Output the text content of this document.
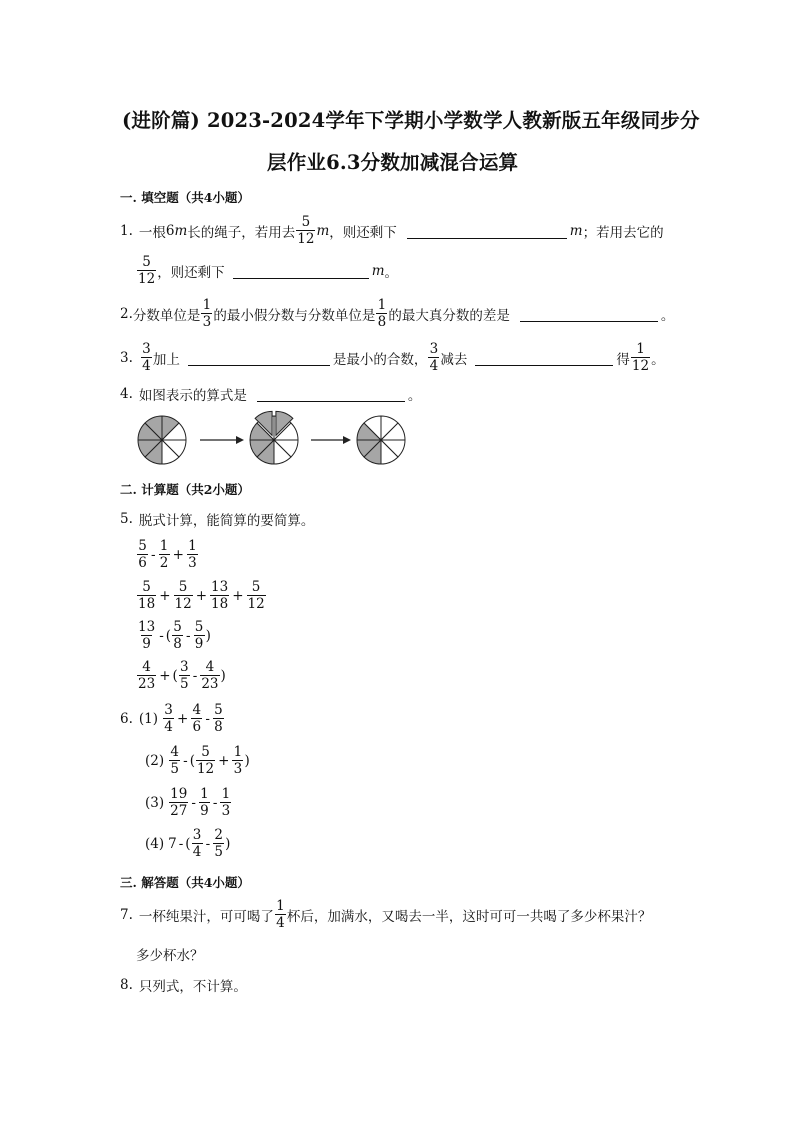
(进阶篇) 2023-2024学年下学期小学数学人教新版五年级同步分
层作业6.3分数加减混合运算
一. 填空题（共4小题）
1. 一根 6 m 长的绳子，若用去 $\frac{5}{12}$ m ，则还剩下	m ；若用去它的
$\frac{5}{12}$ ，则还剩下	m 。
2. 分数单位是 $\frac{1}{3}$ 的最小假分数与分数单位是 $\frac{1}{8}$ 的最大真分数的差是	。
3. $\frac{3}{4}$ 加上	是最小的合数， $\frac{3}{4}$ 减去	得 $\frac{1}{12}$ 。
4. 如图表示的算式是	。
二. 计算题（共2小题）
5. 脱式计算，能简算的要简算。
$\frac{5}{6} - \frac{1}{2} + \frac{1}{3}$
$\frac{5}{18} + \frac{5}{12} + \frac{13}{18} + \frac{5}{12}$
$\frac{13}{9}$ - ( $\frac{5}{8} - \frac{5}{9}$ )
$\frac{4}{23}$ + ( $\frac{3}{5} - \frac{4}{23}$ )
6. $(1) \frac{3}{4} + \frac{4}{6} - \frac{5}{8}$
$(2) \frac{4}{5}$ - ( $\frac{5}{12} + \frac{1}{3}$ )
$(3) \frac{19}{27} - \frac{1}{9} - \frac{1}{3}$
(4) 7 - ( $\frac{3}{4} - \frac{2}{5}$ )
三. 解答题（共4小题）
7. 一杯纯果汁，可可喝了 $\frac{1}{4}$ 杯后，加满水，又喝去一半，这时可可一共喝了多少杯果汁？
多少杯水？
8. 只列式，不计算。
